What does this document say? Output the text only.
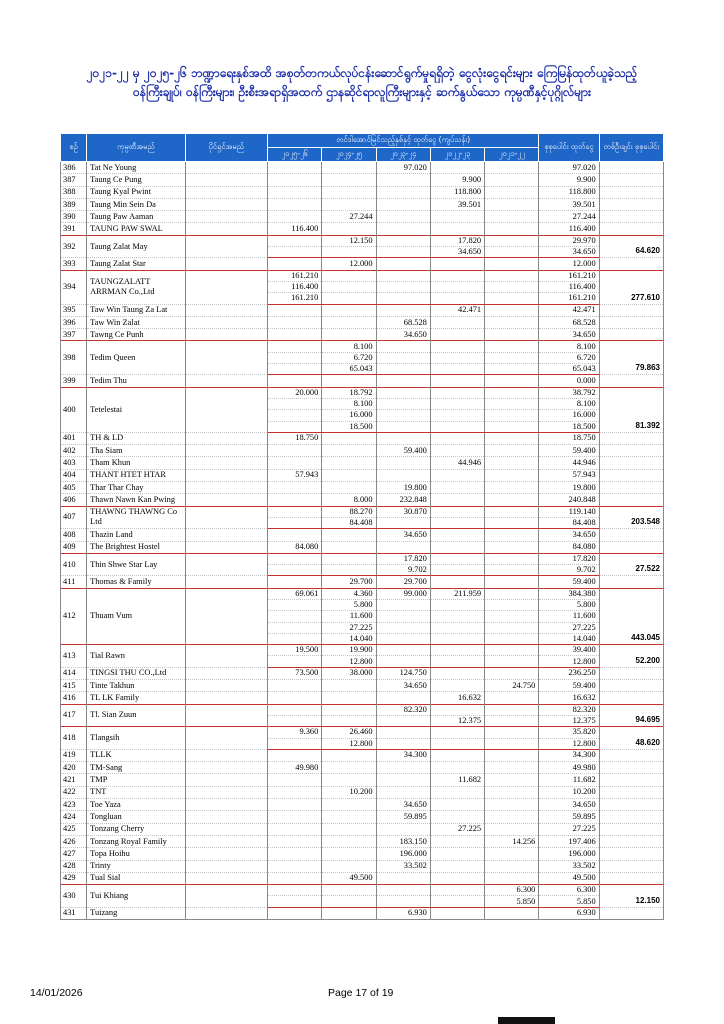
၂၀၂၁-၂၂ မှ ၂၀၂၅-၂၆ ဘဏ္ဍာရေးနှစ်အထိ အစုတ်တကယ်လုပ်ငန်းဆောင်ရွက်မှုရရှိတဲ့ ငွေလုံးငွေရင်းများ ကြေမြန်ထုတ်ယူခဲ့သည့်
ဝန်ကြီးချုပ်၊ ဝန်ကြီးများ၊ ဦးစီးအရာရှိအထက် ဌာနဆိုင်ရာလူကြီးများနှင့် ဆက်နွယ်သော ကုမ္ပဏီနှင့်ပုဂ္ဂိုလ်များ
စဉ်	ကုမ္ပဏီအမည်	ပိုင်ရှင်အမည်	တင်ဒါအောင်မြင်သည့်နှစ်နှင့် ထုတ်ငွေ (ကျပ်သန်း)					စုစုပေါင်း ထုတ်ငွေ	တစ်ဦးချင်း စုစုပေါင်း
			၂၀၂၅-၂၆	၂၀၂၄-၂၅	၂၀၂၃-၂၄	၂၀၂၂-၂၃	၂၀၂၁-၂၂		
386	Tat Ne Young				97.020			97.020	
387	Taung Ce Pung					9.900		9.900	
388	Taung Kyal Pwint					118.800		118.800	
389	Taung Min Sein Da					39.501		39.501	
390	Taung Paw Aaman			27.244				27.244	
391	TAUNG PAW SWAL		116.400					116.400	
392	Taung Zalat May			12.150		17.820		29.970	64.620
						34.650		34.650	
393	Taung Zalat Star			12.000				12.000	
394	TAUNGZALATT ARRMAN Co.,Ltd		161.210					161.210	277.610
			116.400					116.400	
			161.210					161.210	
395	Taw Win Taung Za Lat					42.471		42.471	
396	Taw Win Zalat				68.528			68.528	
397	Tawng Ce Punh				34.650			34.650	
398	Tedim Queen			8.100				8.100	79.863
				6.720				6.720	
				65.043				65.043	
399	Tedim Thu							0.000	
400	Tetelestai		20.000	18.792				38.792	81.392
				8.100				8.100	
				16.000				16.000	
				18.500				18.500	
401	TH & LD		18.750					18.750	
402	Tha Siam				59.400			59.400	
403	Tham Khun					44.946		44.946	
404	THANT HTET HTAR		57.943					57.943	
405	Thar Thar Chay				19.800			19.800	
406	Thawn Nawn Kan Pwing			8.000	232.848			240.848	
407	THAWNG THAWNG Co Ltd			88.270	30.870			119.140	203.548
				84.408				84.408	
408	Thazin Land				34.650			34.650	
409	The Brightest Hostel		84.080					84.080	
410	Thin Shwe Star Lay				17.820			17.820	27.522
					9.702			9.702	
411	Thomas & Family			29.700	29.700			59.400	
412	Thuam Vum		69.061	4.360	99.000	211.959		384.380	443.045
				5.800				5.800	
				11.600				11.600	
				27.225				27.225	
				14.040				14.040	
413	Tial Rawn		19.500	19.900				39.400	52.200
				12.800				12.800	
414	TINGSI THU CO.,Ltd		73.500	38.000	124.750			236.250	
415	Tinte Takhun				34.650		24.750	59.400	
416	TL LK Family					16.632		16.632	
417	Tl. Sian Zuun				82.320			82.320	94.695
						12.375		12.375	
418	Tlangsih		9.360	26.460				35.820	48.620
				12.800				12.800	
419	TLLK				34.300			34.300	
420	TM-Sang		49.980					49.980	
421	TMP					11.682		11.682	
422	TNT			10.200				10.200	
423	Toe Yaza				34.650			34.650	
424	Tongluan				59.895			59.895	
425	Tonzang Cherry					27.225		27.225	
426	Tonzang Royal Family				183.150		14.256	197.406	
427	Topa Hoihu				196.000			196.000	
428	Trinty				33.502			33.502	
429	Tual Sial			49.500				49.500	
430	Tui Khiang						6.300	6.300	12.150
							5.850	5.850	
431	Tuizang				6.930			6.930	
14/01/2026	Page 17 of 19
